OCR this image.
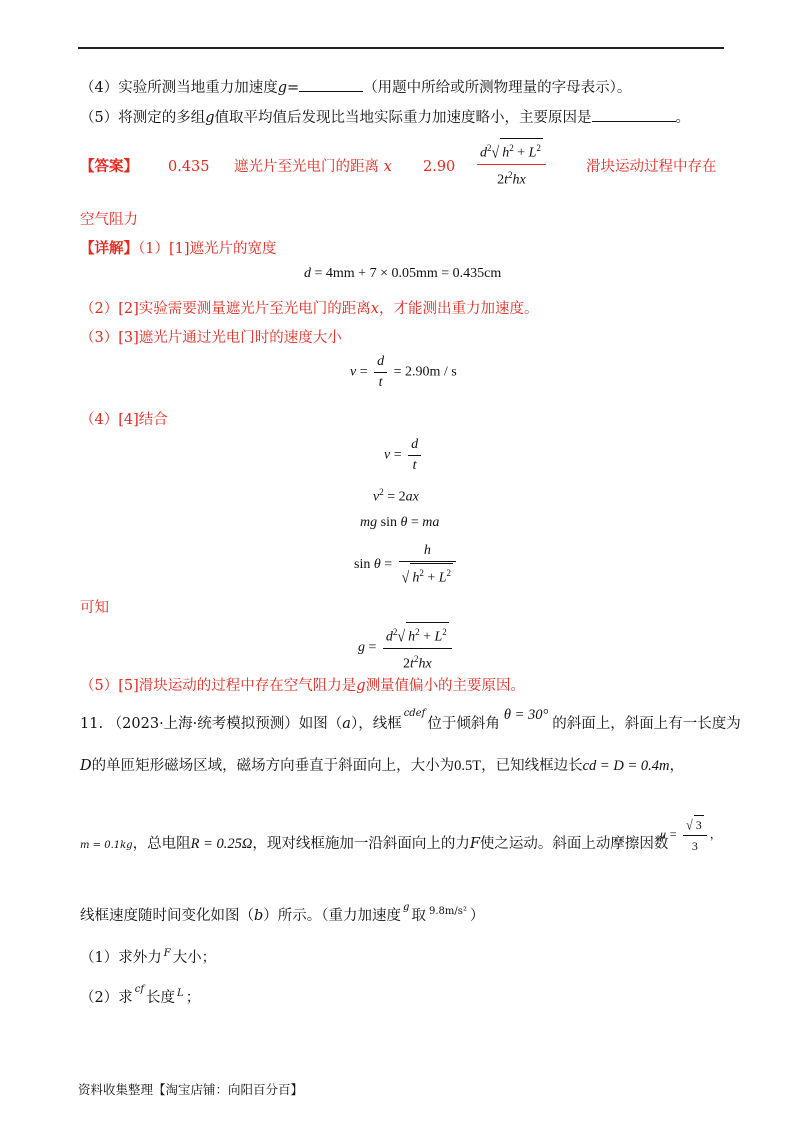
（4）实验所测当地重力加速度g=	（用题中所给或所测物理量的字母表示）。
（5）将测定的多组g值取平均值后发现比当地实际重力加速度略小，主要原因是	。
【答案】 0.435 遮光片至光电门的距离 x $2.90 \frac{d^2√ h^2 + L^2}{2t^2hx}$	滑块运动过程中存在
空气阻力
【详解】（1）[1]遮光片的宽度
d = 4mm + 7 × 0.05mm = 0.435cm
（2）[2]实验需要测量遮光片至光电门的距离x，才能测出重力加速度。
（3）[3]遮光片通过光电门时的速度大小
$v = \frac{d}{t} = 2.90m / s$
（4）[4]结合
$v = \frac{d}{t}$
$v^2 = 2ax$
mg sin θ = ma
$\sin \theta = \frac{h}{√ h^2 + L^2}$
可知
$g = \frac{d^2√ h^2 + L^2}{2t^2hx}$
（5）[5]滑块运动的过程中存在空气阻力是g测量值偏小的主要原因。
11. （2023·上海·统考模拟预测）如图（a），线框$^{cdef}$位于倾斜角θ = 30°的斜面上，斜面上有一长度为
D的单匝矩形磁场区域，磁场方向垂直于斜面向上，大小为0.5T，已知线框边长cd = D = 0.4m，
m = 0.1kg，总电阻R = 0.25Ω，现对线框施加一沿斜面向上的力F使之运动。斜面上动摩擦因数
$\mu = \frac{√ 3}{3}$ ，
线框速度随时间变化如图（b）所示。（重力加速度$^g$取 $^{9.8m/s^2}$ ）
（1）求外力 $^F$ 大小；
（2）求$^{cf}$长度 $^L$ ；
资料收集整理【淘宝店铺：向阳百分百】
